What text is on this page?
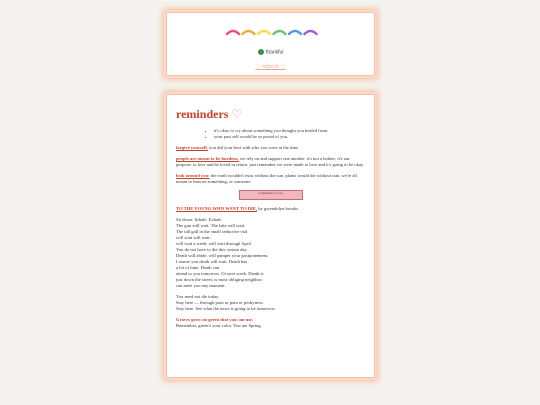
thankful
♡ refresh ♡
reminders ♡
• it's okay to cry about something you thought you healed from.
• your past self would be so proud of you.

forgive yourself, you did your best with who you were at the time.

people are meant to be burdens, we rely on and support one another. it's not a bother; it's our purpose: to love and be loved in return. just remember we were made to love and it's going to be okay.

look around you: the earth wouldn't exist without the sun. plants would die without rain. we're all meant to lean on something, or someone.

is thinking of you

TO THE YOUNG WHO WANT TO DIE, by gwendolyn brooks.

Sit down. Inhale. Exhale.
The gun will wait. The lake will wait.
The tall gall in the small seductive vial
will wait will wait:
will wait a week: will wait through April.
You do not have to die this certain day.
Death will abide, will pamper your postponement.
I assure you death will wait. Death has
a lot of time. Death can
attend to you tomorrow. Or next week. Death is
just down the street; is most obliging neighbor;
can meet you any moment.
You need not die today.
Stay here — through pout or pain or peskyness.
Stay here. See what the news is going to be tomorrow.

Graves grow no green that you can use.
Remember, green's your color. You are Spring.
